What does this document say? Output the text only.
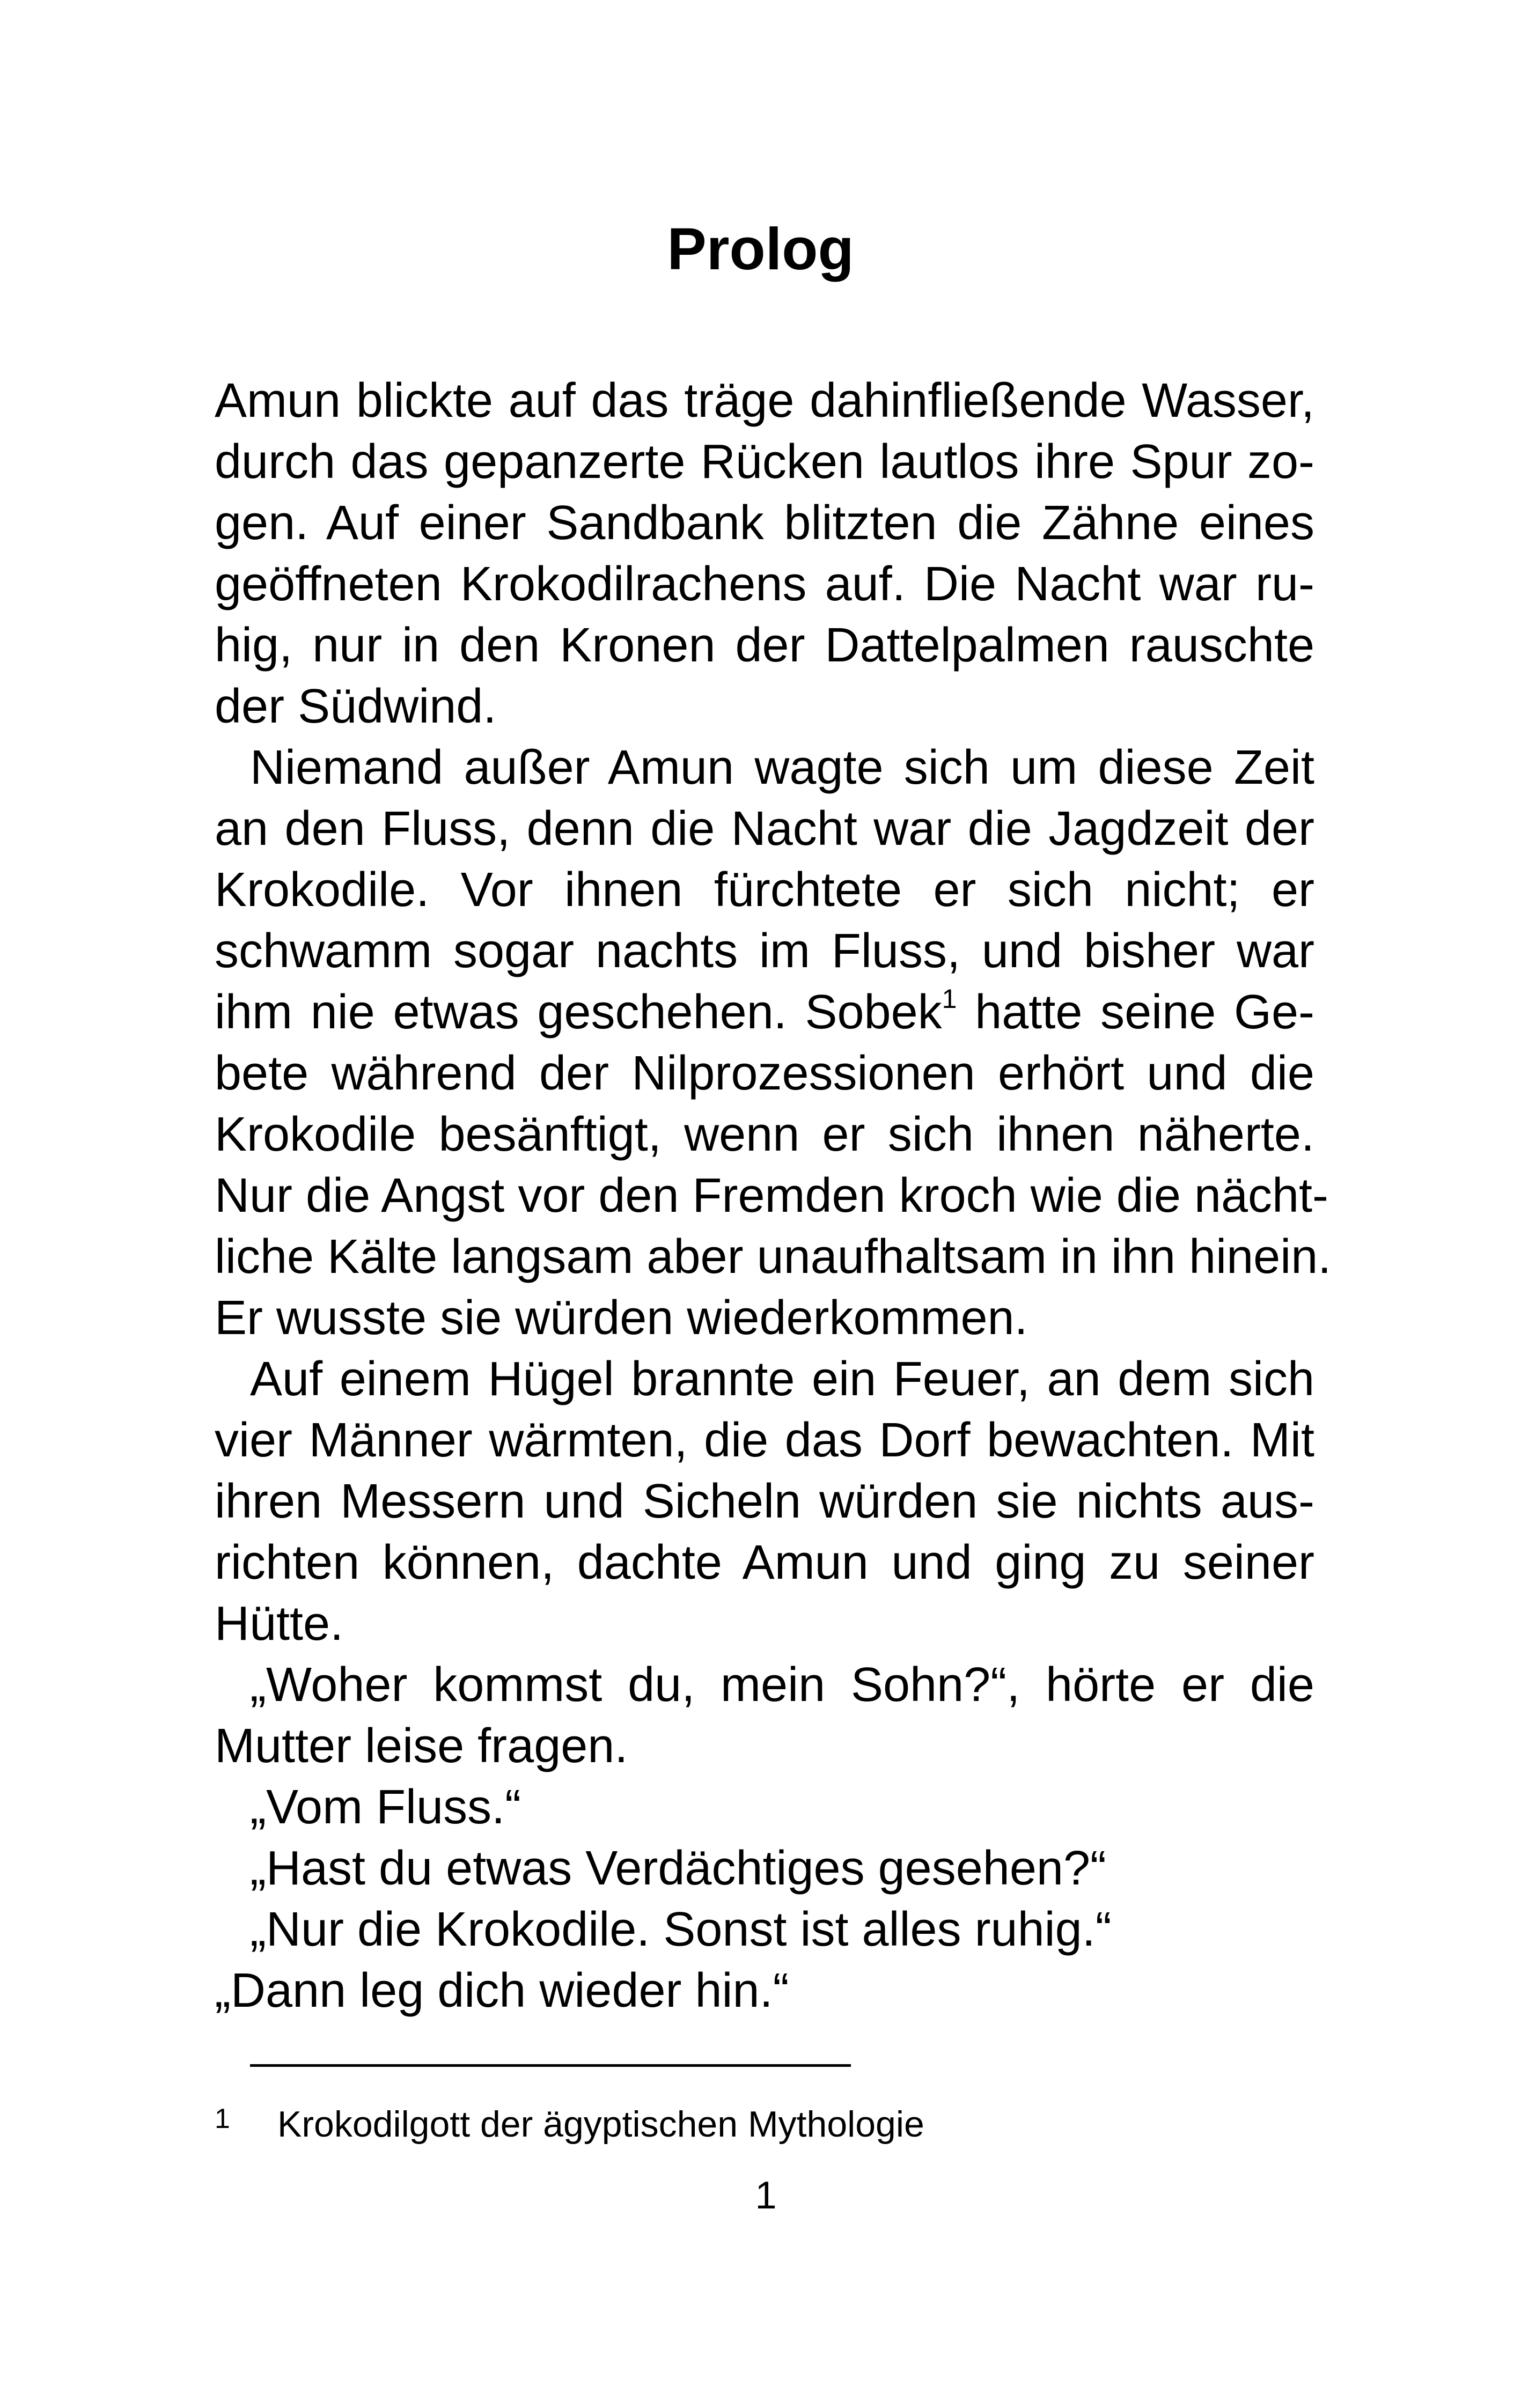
Prolog

Amun blickte auf das träge dahinfließende Wasser,

durch das gepanzerte Rücken lautlos ihre Spur zo-

gen. Auf einer Sandbank blitzten die Zähne eines

geöffneten Krokodilrachens auf. Die Nacht war ru-

hig, nur in den Kronen der Dattelpalmen rauschte

der Südwind.

Niemand außer Amun wagte sich um diese Zeit

an den Fluss, denn die Nacht war die Jagdzeit der

Krokodile. Vor ihnen fürchtete er sich nicht; er

schwamm sogar nachts im Fluss, und bisher war

ihm nie etwas geschehen. Sobek$^1$ hatte seine Ge-

bete während der Nilprozessionen erhört und die

Krokodile besänftigt, wenn er sich ihnen näherte.

Nur die Angst vor den Fremden kroch wie die nächt-

liche Kälte langsam aber unaufhaltsam in ihn hinein.

Er wusste sie würden wiederkommen.

Auf einem Hügel brannte ein Feuer, an dem sich

vier Männer wärmten, die das Dorf bewachten. Mit

ihren Messern und Sicheln würden sie nichts aus-

richten können, dachte Amun und ging zu seiner

Hütte.

„Woher kommst du, mein Sohn?“, hörte er die

Mutter leise fragen.

„Vom Fluss.“

„Hast du etwas Verdächtiges gesehen?“

„Nur die Krokodile. Sonst ist alles ruhig.“

„Dann leg dich wieder hin.“

1 Krokodilgott der ägyptischen Mythologie
1
